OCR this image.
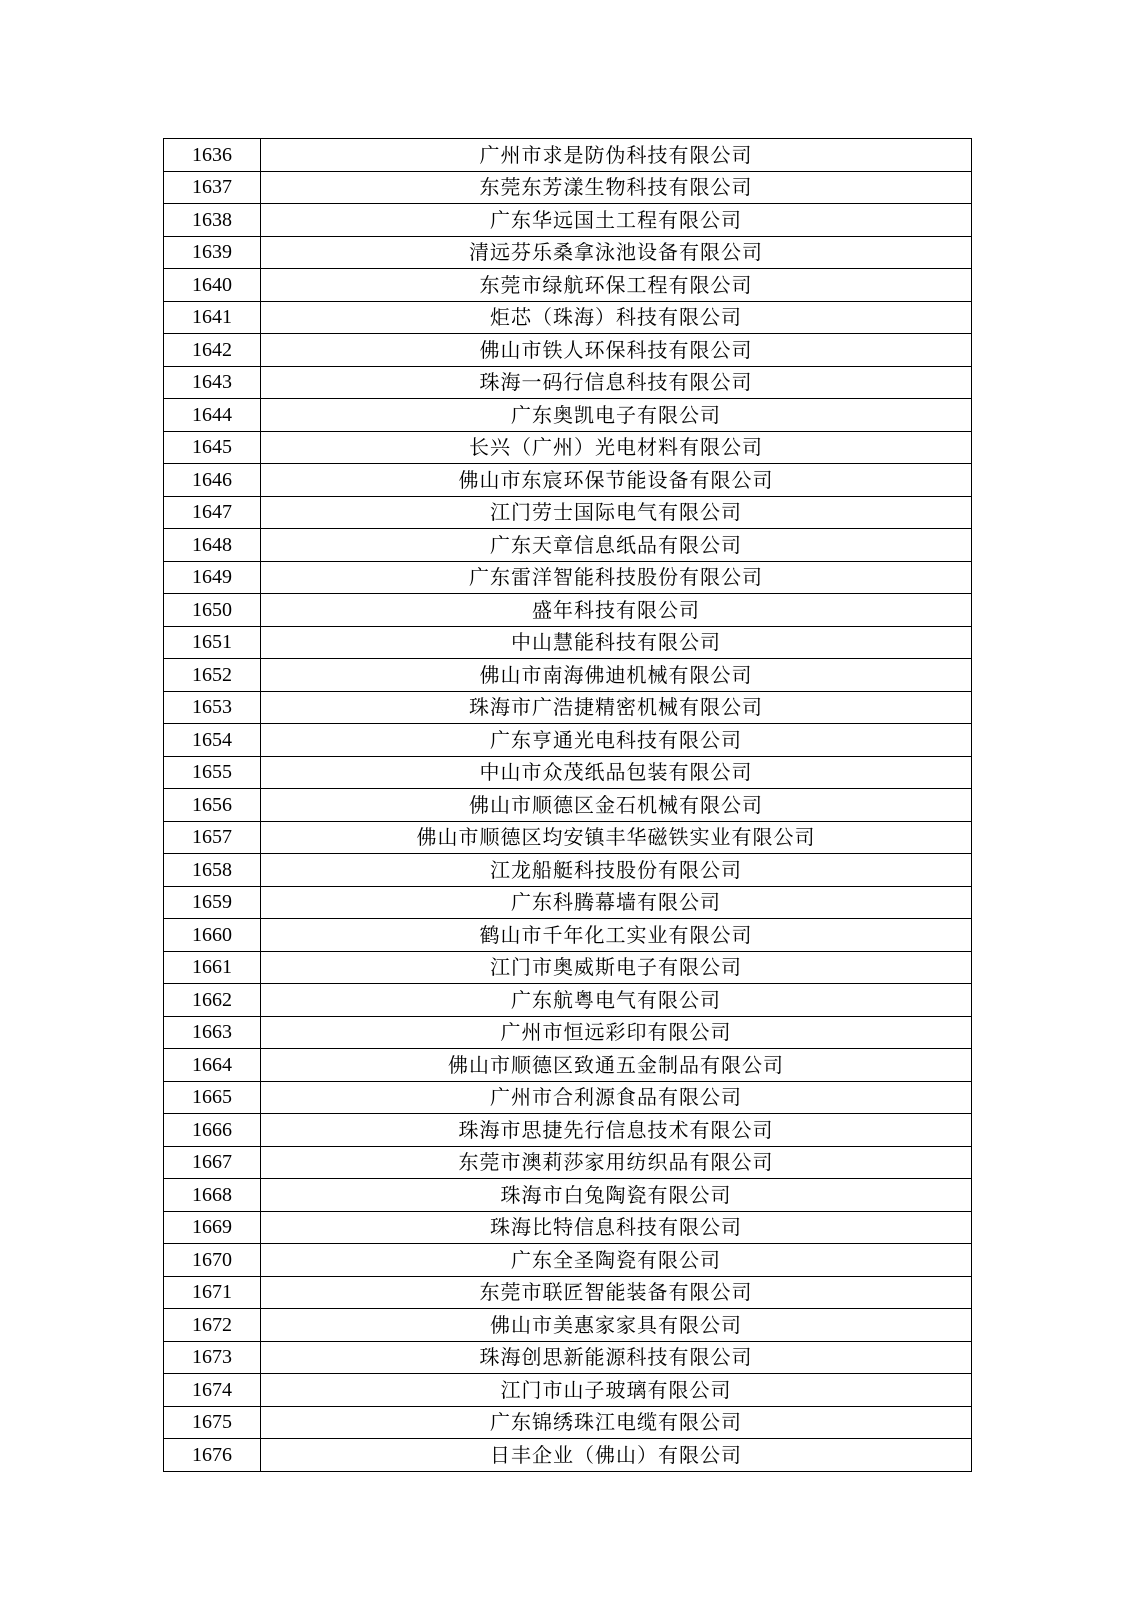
1636	广州市求是防伪科技有限公司
1637	东莞东芳漾生物科技有限公司
1638	广东华远国土工程有限公司
1639	清远芬乐桑拿泳池设备有限公司
1640	东莞市绿航环保工程有限公司
1641	炬芯（珠海）科技有限公司
1642	佛山市铁人环保科技有限公司
1643	珠海一码行信息科技有限公司
1644	广东奥凯电子有限公司
1645	长兴（广州）光电材料有限公司
1646	佛山市东宸环保节能设备有限公司
1647	江门劳士国际电气有限公司
1648	广东天章信息纸品有限公司
1649	广东雷洋智能科技股份有限公司
1650	盛年科技有限公司
1651	中山慧能科技有限公司
1652	佛山市南海佛迪机械有限公司
1653	珠海市广浩捷精密机械有限公司
1654	广东亨通光电科技有限公司
1655	中山市众茂纸品包装有限公司
1656	佛山市顺德区金石机械有限公司
1657	佛山市顺德区均安镇丰华磁铁实业有限公司
1658	江龙船艇科技股份有限公司
1659	广东科腾幕墙有限公司
1660	鹤山市千年化工实业有限公司
1661	江门市奥威斯电子有限公司
1662	广东航粤电气有限公司
1663	广州市恒远彩印有限公司
1664	佛山市顺德区致通五金制品有限公司
1665	广州市合利源食品有限公司
1666	珠海市思捷先行信息技术有限公司
1667	东莞市澳莉莎家用纺织品有限公司
1668	珠海市白兔陶瓷有限公司
1669	珠海比特信息科技有限公司
1670	广东全圣陶瓷有限公司
1671	东莞市联匠智能装备有限公司
1672	佛山市美惠家家具有限公司
1673	珠海创思新能源科技有限公司
1674	江门市山子玻璃有限公司
1675	广东锦绣珠江电缆有限公司
1676	日丰企业（佛山）有限公司
